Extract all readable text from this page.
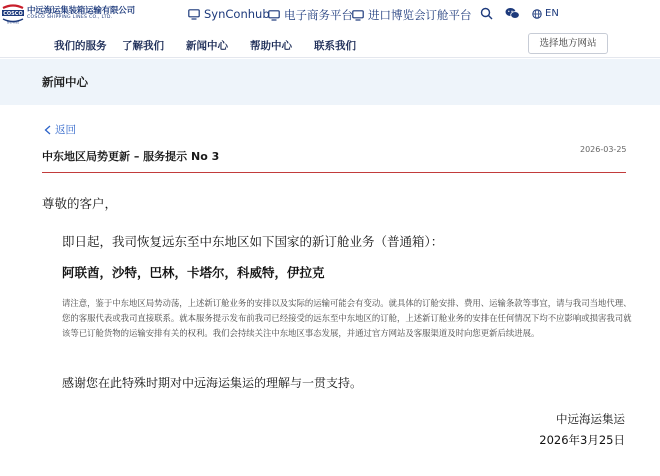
COSCO
SHIPPING
中远海运集装箱运输有限公司
COSCO SHIPPING LINES CO., LTD.	SynConhub 电子商务平台 进口博览会订舱平台	EN
我们的服务 了解我们 新闻中心 帮助中心 联系我们	选择地方网站
新闻中心
返回
中东地区局势更新 – 服务提示 No 3
2026-03-25
尊敬的客户，
即日起，我司恢复远东至中东地区如下国家的新订舱业务（普通箱）：
阿联酋，沙特，巴林，卡塔尔，科威特，伊拉克
请注意，鉴于中东地区局势动荡，上述新订舱业务的安排以及实际的运输可能会有变动。就具体的订舱安排、费用、运输条款等事宜，请与我司当地代理、您的客服代表或我司直接联系。就本服务提示发布前我司已经接受的远东至中东地区的订舱，上述新订舱业务的安排在任何情况下均不应影响或损害我司就该等已订舱货物的运输安排有关的权利。我们会持续关注中东地区事态发展，并通过官方网站及客服渠道及时向您更新后续进展。
感谢您在此特殊时期对中远海运集运的理解与一贯支持。
中远海运集运
2026年3月25日
